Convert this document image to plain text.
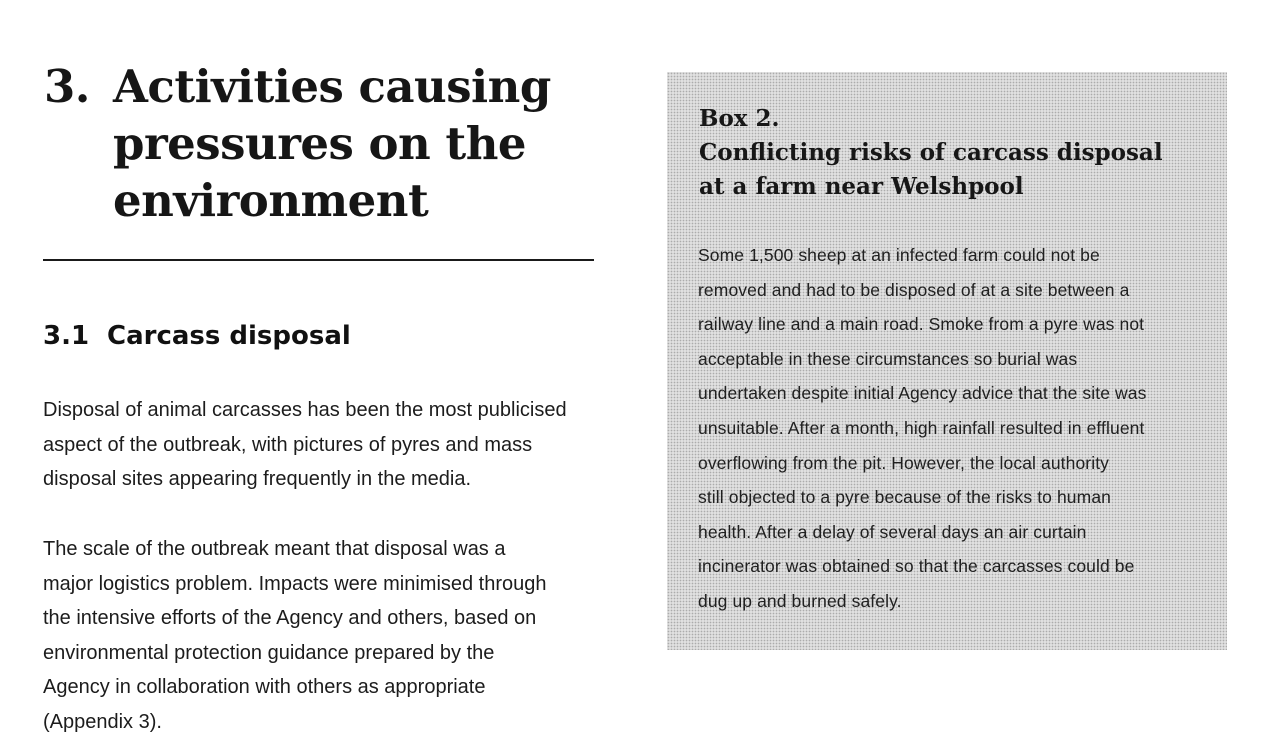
3. Activities causing
pressures on the
environment
3.1 Carcass disposal
Disposal of animal carcasses has been the most publicised
aspect of the outbreak, with pictures of pyres and mass
disposal sites appearing frequently in the media.
The scale of the outbreak meant that disposal was a
major logistics problem. Impacts were minimised through
the intensive efforts of the Agency and others, based on
environmental protection guidance prepared by the
Agency in collaboration with others as appropriate
(Appendix 3).
Box 2.
Conflicting risks of carcass disposal
at a farm near Welshpool
Some 1,500 sheep at an infected farm could not be
removed and had to be disposed of at a site between a
railway line and a main road. Smoke from a pyre was not
acceptable in these circumstances so burial was
undertaken despite initial Agency advice that the site was
unsuitable. After a month, high rainfall resulted in effluent
overflowing from the pit. However, the local authority
still objected to a pyre because of the risks to human
health. After a delay of several days an air curtain
incinerator was obtained so that the carcasses could be
dug up and burned safely.
